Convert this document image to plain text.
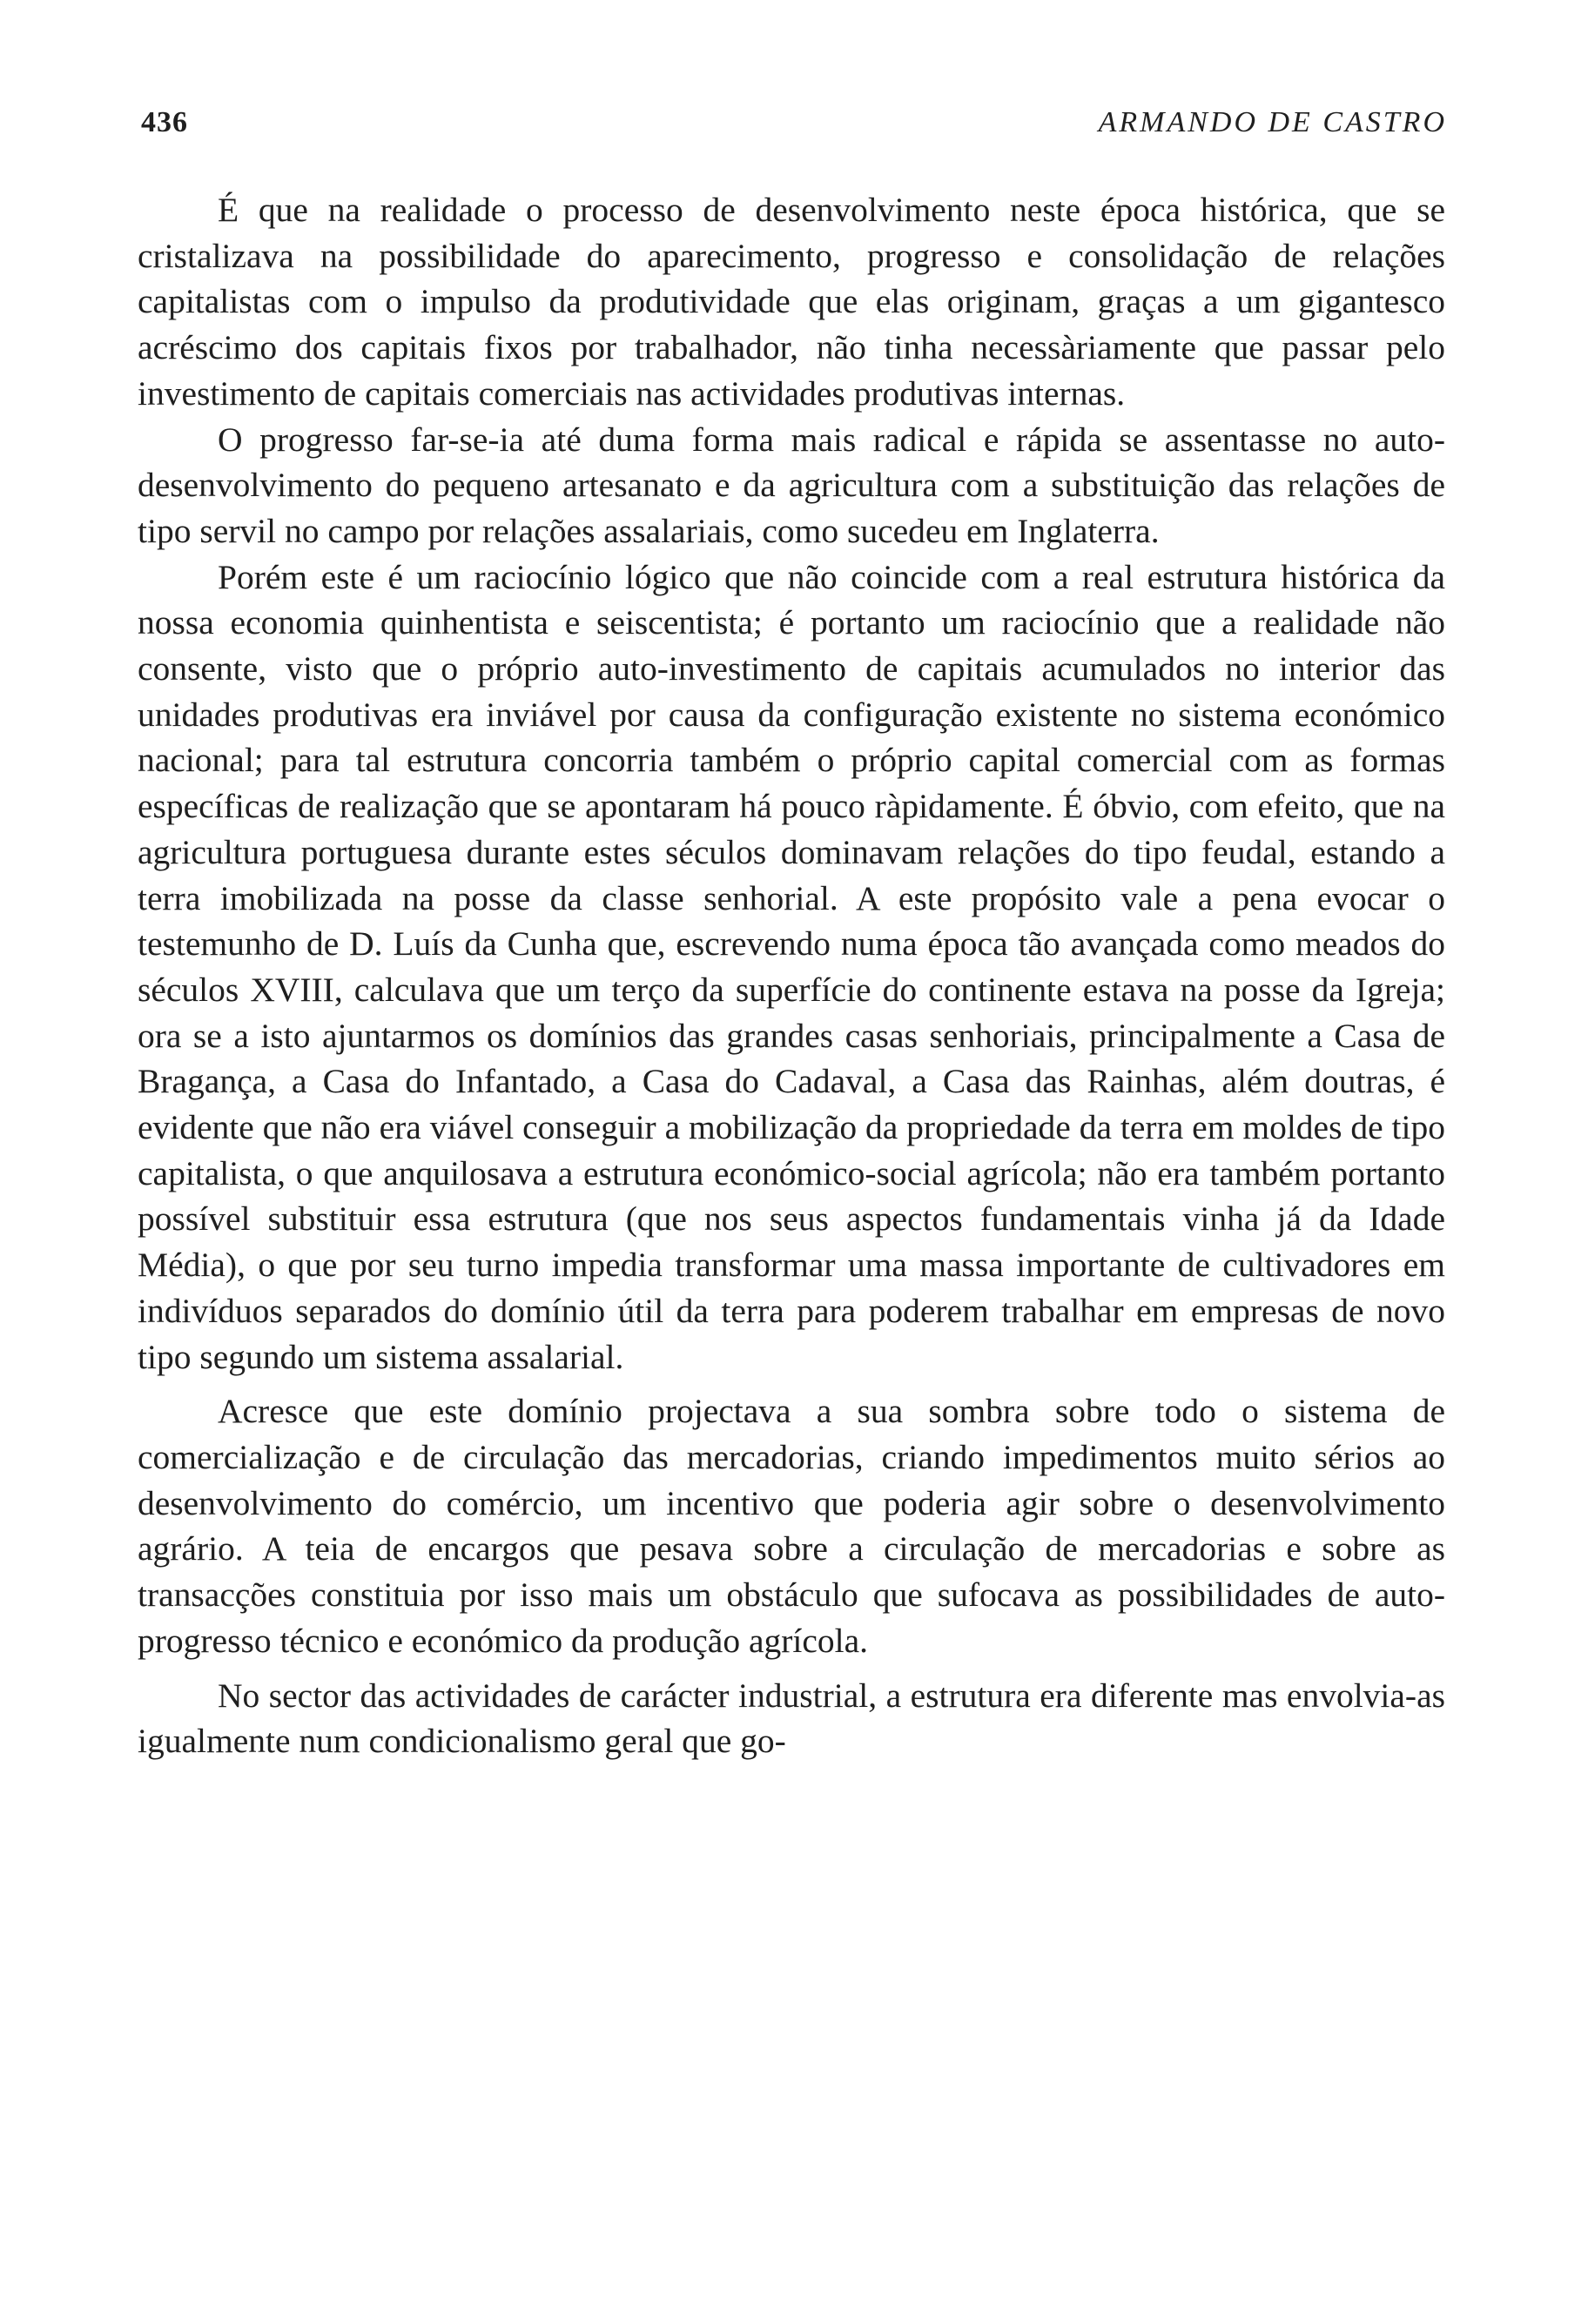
436	ARMANDO DE CASTRO

É que na realidade o processo de desenvolvimento neste época histórica, que se cristalizava na possibilidade do aparecimento, progresso e consolidação de relações capitalistas com o impulso da produtividade que elas originam, graças a um gigantesco acréscimo dos capitais fixos por trabalhador, não tinha necessàriamente que passar pelo investimento de capitais comerciais nas actividades produtivas internas.

O progresso far-se-ia até duma forma mais radical e rápida se assentasse no auto-desenvolvimento do pequeno artesanato e da agricultura com a substituição das relações de tipo servil no campo por relações assalariais, como sucedeu em Inglaterra.

Porém este é um raciocínio lógico que não coincide com a real estrutura histórica da nossa economia quinhentista e seiscentista; é portanto um raciocínio que a realidade não consente, visto que o próprio auto-investimento de capitais acumulados no interior das unidades produtivas era inviável por causa da configuração existente no sistema económico nacional; para tal estrutura concorria também o próprio capital comercial com as formas específicas de realização que se apontaram há pouco ràpidamente. É óbvio, com efeito, que na agricultura portuguesa durante estes séculos dominavam relações do tipo feudal, estando a terra imobilizada na posse da classe senhorial. A este propósito vale a pena evocar o testemunho de D. Luís da Cunha que, escrevendo numa época tão avançada como meados do séculos XVIII, calculava que um terço da superfície do continente estava na posse da Igreja; ora se a isto ajuntarmos os domínios das grandes casas senhoriais, principalmente a Casa de Bragança, a Casa do Infantado, a Casa do Cadaval, a Casa das Rainhas, além doutras, é evidente que não era viável conseguir a mobilização da propriedade da terra em moldes de tipo capitalista, o que anquilosava a estrutura económico-social agrícola; não era também portanto possível substituir essa estrutura (que nos seus aspectos fundamentais vinha já da Idade Média), o que por seu turno impedia transformar uma massa importante de cultivadores em indivíduos separados do domínio útil da terra para poderem trabalhar em empresas de novo tipo segundo um sistema assalarial.

Acresce que este domínio projectava a sua sombra sobre todo o sistema de comercialização e de circulação das mercadorias, criando impedimentos muito sérios ao desenvolvimento do comércio, um incentivo que poderia agir sobre o desenvolvimento agrário. A teia de encargos que pesava sobre a circulação de mercadorias e sobre as transacções constituia por isso mais um obstáculo que sufocava as possibilidades de auto-progresso técnico e económico da produção agrícola.

No sector das actividades de carácter industrial, a estrutura era diferente mas envolvia-as igualmente num condicionalismo geral que go-
